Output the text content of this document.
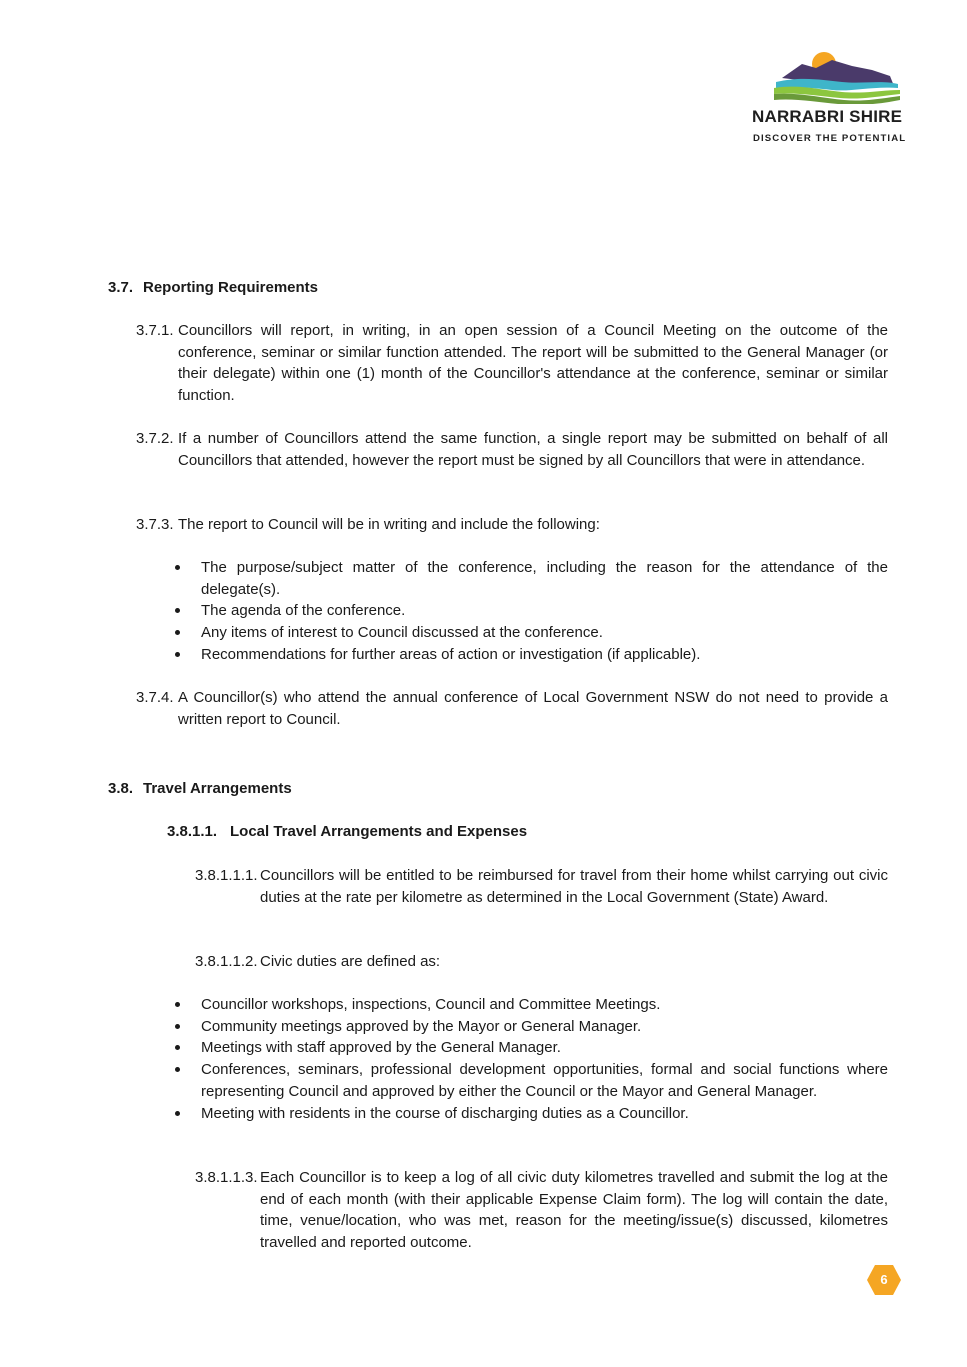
NARRABRI SHIRE
DISCOVER THE POTENTIAL
3.7. Reporting Requirements
3.7.1. Councillors will report, in writing, in an open session of a Council Meeting on the outcome of the conference, seminar or similar function attended. The report will be submitted to the General Manager (or their delegate) within one (1) month of the Councillor's attendance at the conference, seminar or similar function.
3.7.2. If a number of Councillors attend the same function, a single report may be submitted on behalf of all Councillors that attended, however the report must be signed by all Councillors that were in attendance.
3.7.3. The report to Council will be in writing and include the following:
The purpose/subject matter of the conference, including the reason for the attendance of the delegate(s).
The agenda of the conference.
Any items of interest to Council discussed at the conference.
Recommendations for further areas of action or investigation (if applicable).
3.7.4. A Councillor(s) who attend the annual conference of Local Government NSW do not need to provide a written report to Council.
3.8. Travel Arrangements
3.8.1.1. Local Travel Arrangements and Expenses
3.8.1.1.1. Councillors will be entitled to be reimbursed for travel from their home whilst carrying out civic duties at the rate per kilometre as determined in the Local Government (State) Award.
3.8.1.1.2. Civic duties are defined as:
Councillor workshops, inspections, Council and Committee Meetings.
Community meetings approved by the Mayor or General Manager.
Meetings with staff approved by the General Manager.
Conferences, seminars, professional development opportunities, formal and social functions where representing Council and approved by either the Council or the Mayor and General Manager.
Meeting with residents in the course of discharging duties as a Councillor.
3.8.1.1.3. Each Councillor is to keep a log of all civic duty kilometres travelled and submit the log at the end of each month (with their applicable Expense Claim form). The log will contain the date, time, venue/location, who was met, reason for the meeting/issue(s) discussed, kilometres travelled and reported outcome.
6
